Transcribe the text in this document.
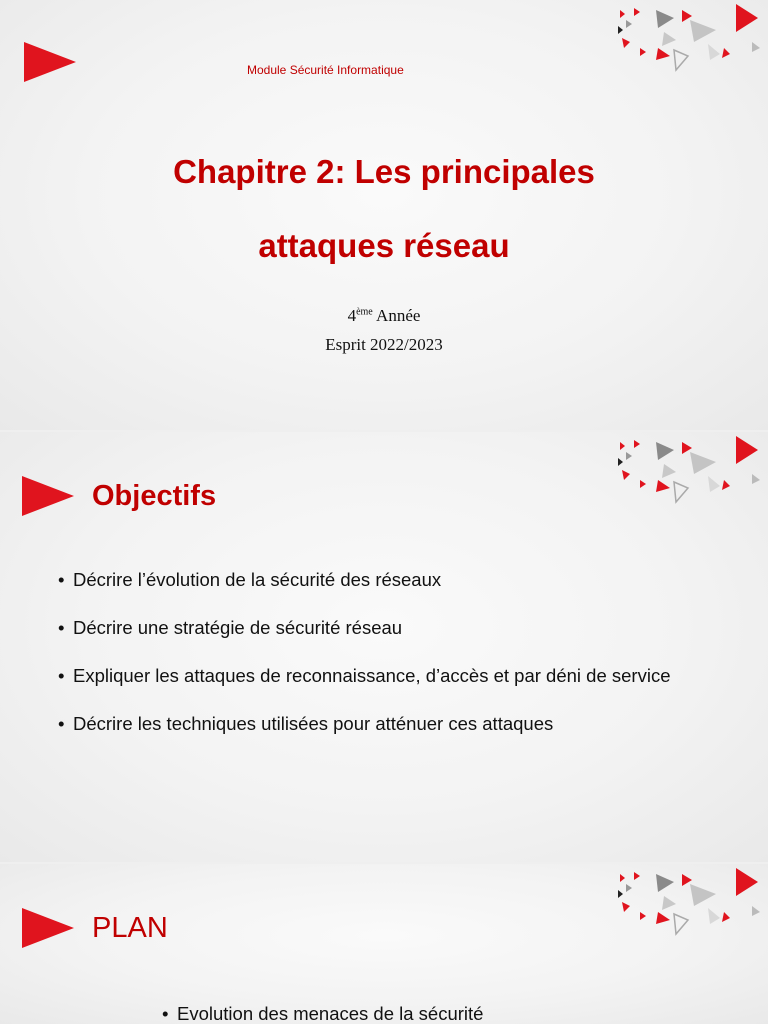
Module Sécurité Informatique
Chapitre 2: Les principales
attaques réseau
4ème Année
Esprit 2022/2023
Objectifs
• Décrire l’évolution de la sécurité des réseaux
• Décrire une stratégie de sécurité réseau
• Expliquer les attaques de reconnaissance, d’accès et par déni de service
• Décrire les techniques utilisées pour atténuer ces attaques
PLAN
• Evolution des menaces de la sécurité
